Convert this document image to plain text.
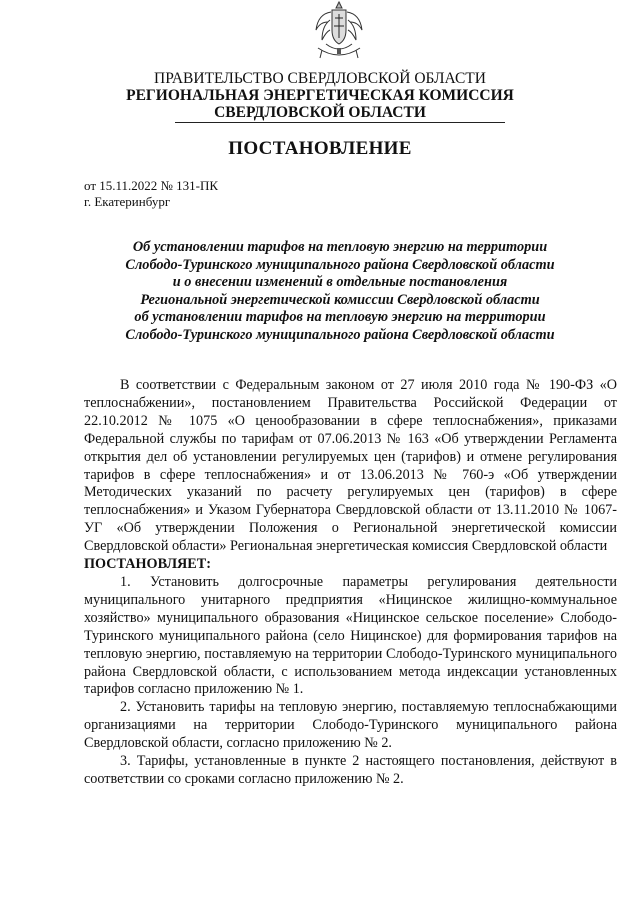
ПРАВИТЕЛЬСТВО СВЕРДЛОВСКОЙ ОБЛАСТИ
РЕГИОНАЛЬНАЯ ЭНЕРГЕТИЧЕСКАЯ КОМИССИЯ
СВЕРДЛОВСКОЙ ОБЛАСТИ
ПОСТАНОВЛЕНИЕ
от 15.11.2022 № 131-ПК
г. Екатеринбург
Об установлении тарифов на тепловую энергию на территории
Слободо-Туринского муниципального района Свердловской области
и о внесении изменений в отдельные постановления
Региональной энергетической комиссии Свердловской области
об установлении тарифов на тепловую энергию на территории
Слободо-Туринского муниципального района Свердловской области

В соответствии с Федеральным законом от 27 июля 2010 года № 190-ФЗ «О теплоснабжении», постановлением Правительства Российской Федерации от 22.10.2012 № 1075 «О ценообразовании в сфере теплоснабжения», приказами Федеральной службы по тарифам от 07.06.2013 № 163 «Об утверждении Регламента открытия дел об установлении регулируемых цен (тарифов) и отмене регулирования тарифов в сфере теплоснабжения» и от 13.06.2013 № 760-э «Об утверждении Методических указаний по расчету регулируемых цен (тарифов) в сфере теплоснабжения» и Указом Губернатора Свердловской области от 13.11.2010 № 1067-УГ «Об утверждении Положения о Региональной энергетической комиссии Свердловской области» Региональная энергетическая комиссия Свердловской области

ПОСТАНОВЛЯЕТ:

1. Установить долгосрочные параметры регулирования деятельности муниципального унитарного предприятия «Ницинское жилищно-коммунальное хозяйство» муниципального образования «Ницинское сельское поселение» Слободо-Туринского муниципального района (село Ницинское) для формирования тарифов на тепловую энергию, поставляемую на территории Слободо-Туринского муниципального района Свердловской области, с использованием метода индексации установленных тарифов согласно приложению № 1.

2. Установить тарифы на тепловую энергию, поставляемую теплоснабжающими организациями на территории Слободо-Туринского муниципального района Свердловской области, согласно приложению № 2.

3. Тарифы, установленные в пункте 2 настоящего постановления, действуют в соответствии со сроками согласно приложению № 2.
